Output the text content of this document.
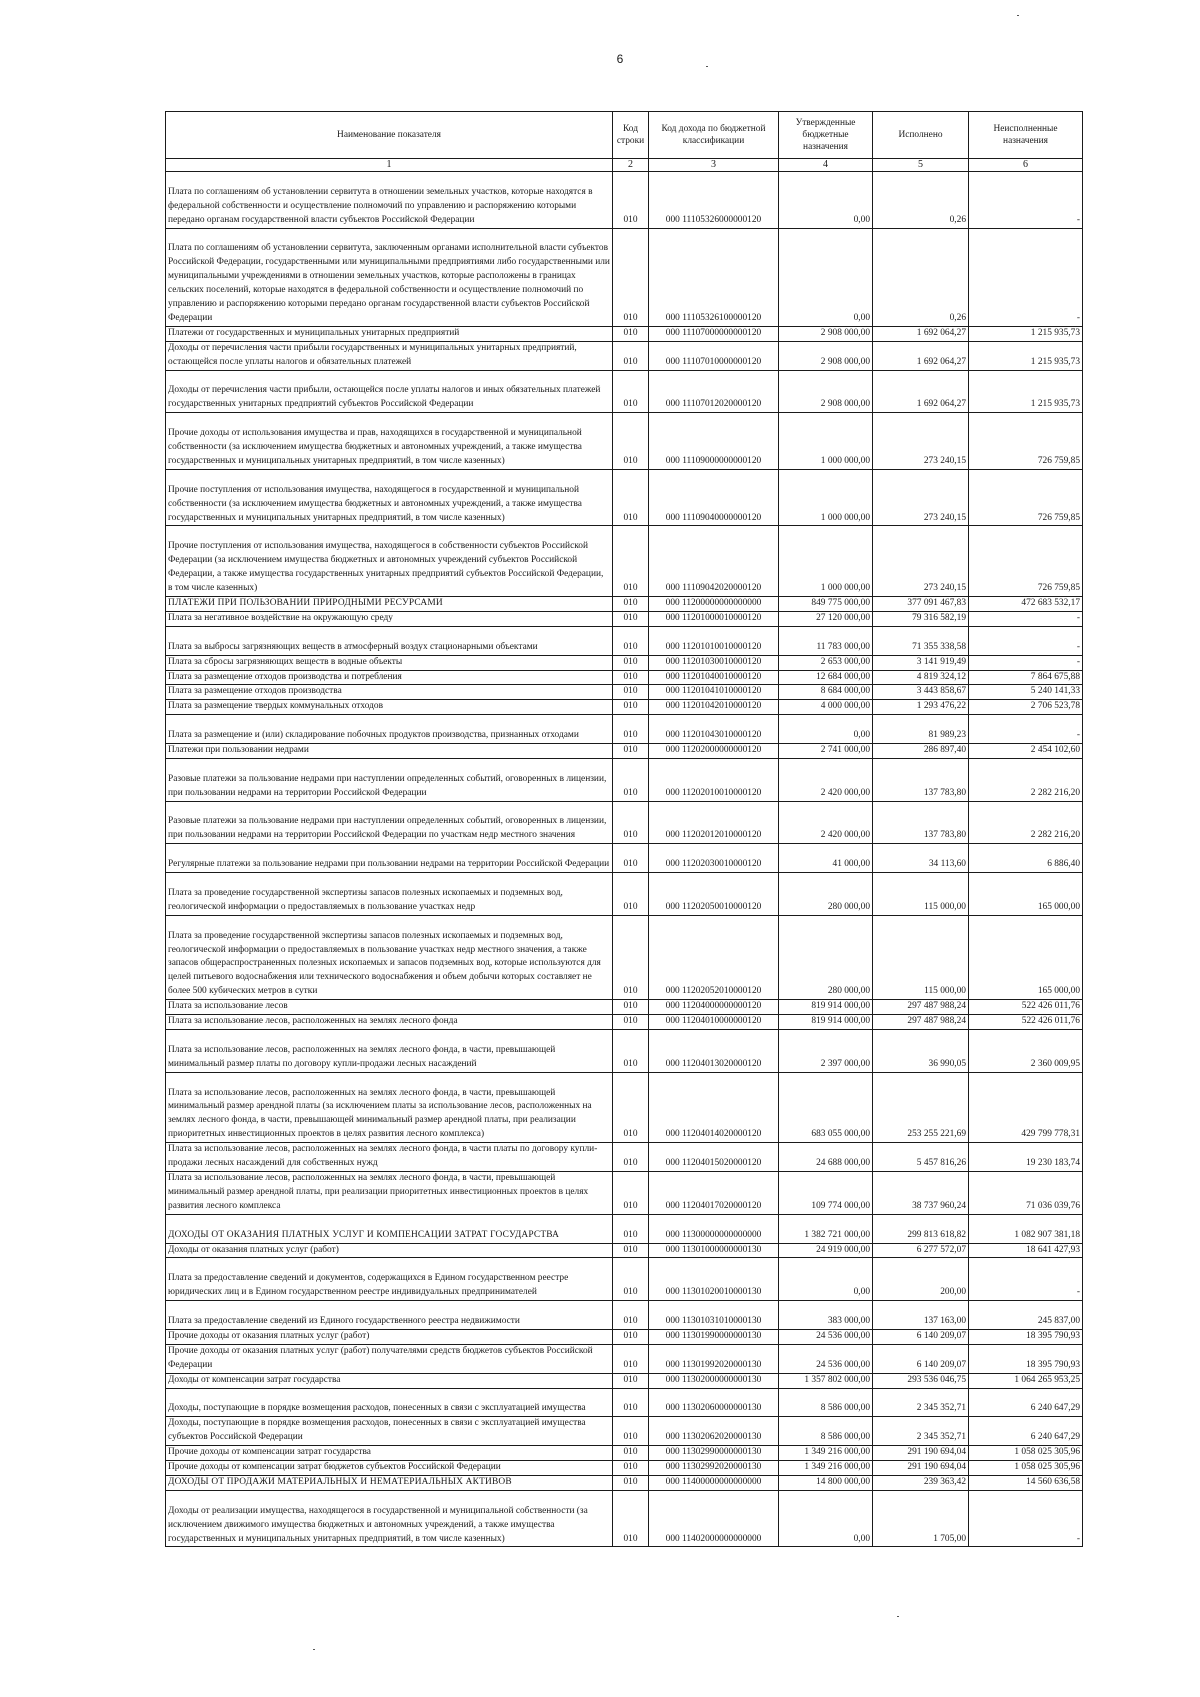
6
Наименование показателя	Код строки	Код дохода по бюджетной классификации	Утвержденные бюджетные назначения	Исполнено	Неисполненные назначения
1	2	3	4	5	6
Плата по соглашениям об установлении сервитута в отношении земельных участков, которые находятся в федеральной собственности и осуществление полномочий по управлению и распоряжению которыми передано органам государственной власти субъектов Российской Федерации	010	000 11105326000000120	0,00	0,26	-
Плата по соглашениям об установлении сервитута, заключенным органами исполнительной власти субъектов Российской Федерации, государственными или муниципальными предприятиями либо государственными или муниципальными учреждениями в отношении земельных участков, которые расположены в границах сельских поселений, которые находятся в федеральной собственности и осуществление полномочий по управлению и распоряжению которыми передано органам государственной власти субъектов Российской Федерации	010	000 11105326100000120	0,00	0,26	-
Платежи от государственных и муниципальных унитарных предприятий	010	000 11107000000000120	2 908 000,00	1 692 064,27	1 215 935,73
Доходы от перечисления части прибыли государственных и муниципальных унитарных предприятий, остающейся после уплаты налогов и обязательных платежей	010	000 11107010000000120	2 908 000,00	1 692 064,27	1 215 935,73
Доходы от перечисления части прибыли, остающейся после уплаты налогов и иных обязательных платежей государственных унитарных предприятий субъектов Российской Федерации	010	000 11107012020000120	2 908 000,00	1 692 064,27	1 215 935,73
Прочие доходы от использования имущества и прав, находящихся в государственной и муниципальной собственности (за исключением имущества бюджетных и автономных учреждений, а также имущества государственных и муниципальных унитарных предприятий, в том числе казенных)	010	000 11109000000000120	1 000 000,00	273 240,15	726 759,85
Прочие поступления от использования имущества, находящегося в государственной и муниципальной собственности (за исключением имущества бюджетных и автономных учреждений, а также имущества государственных и муниципальных унитарных предприятий, в том числе казенных)	010	000 11109040000000120	1 000 000,00	273 240,15	726 759,85
Прочие поступления от использования имущества, находящегося в собственности субъектов Российской Федерации (за исключением имущества бюджетных и автономных учреждений субъектов Российской Федерации, а также имущества государственных унитарных предприятий субъектов Российской Федерации, в том числе казенных)	010	000 11109042020000120	1 000 000,00	273 240,15	726 759,85
ПЛАТЕЖИ ПРИ ПОЛЬЗОВАНИИ ПРИРОДНЫМИ РЕСУРСАМИ	010	000 11200000000000000	849 775 000,00	377 091 467,83	472 683 532,17
Плата за негативное воздействие на окружающую среду	010	000 11201000010000120	27 120 000,00	79 316 582,19	-
Плата за выбросы загрязняющих веществ в атмосферный воздух стационарными объектами	010	000 11201010010000120	11 783 000,00	71 355 338,58	-
Плата за сбросы загрязняющих веществ в водные объекты	010	000 11201030010000120	2 653 000,00	3 141 919,49	-
Плата за размещение отходов производства и потребления	010	000 11201040010000120	12 684 000,00	4 819 324,12	7 864 675,88
Плата за размещение отходов производства	010	000 11201041010000120	8 684 000,00	3 443 858,67	5 240 141,33
Плата за размещение твердых коммунальных отходов	010	000 11201042010000120	4 000 000,00	1 293 476,22	2 706 523,78
Плата за размещение и (или) складирование побочных продуктов производства, признанных отходами	010	000 11201043010000120	0,00	81 989,23	-
Платежи при пользовании недрами	010	000 11202000000000120	2 741 000,00	286 897,40	2 454 102,60
Разовые платежи за пользование недрами при наступлении определенных событий, оговоренных в лицензии, при пользовании недрами на территории Российской Федерации	010	000 11202010010000120	2 420 000,00	137 783,80	2 282 216,20
Разовые платежи за пользование недрами при наступлении определенных событий, оговоренных в лицензии, при пользовании недрами на территории Российской Федерации по участкам недр местного значения	010	000 11202012010000120	2 420 000,00	137 783,80	2 282 216,20
Регулярные платежи за пользование недрами при пользовании недрами на территории Российской Федерации	010	000 11202030010000120	41 000,00	34 113,60	6 886,40
Плата за проведение государственной экспертизы запасов полезных ископаемых и подземных вод, геологической информации о предоставляемых в пользование участках недр	010	000 11202050010000120	280 000,00	115 000,00	165 000,00
Плата за проведение государственной экспертизы запасов полезных ископаемых и подземных вод, геологической информации о предоставляемых в пользование участках недр местного значения, а также запасов общераспространенных полезных ископаемых и запасов подземных вод, которые используются для целей питьевого водоснабжения или технического водоснабжения и объем добычи которых составляет не более 500 кубических метров в сутки	010	000 11202052010000120	280 000,00	115 000,00	165 000,00
Плата за использование лесов	010	000 11204000000000120	819 914 000,00	297 487 988,24	522 426 011,76
Плата за использование лесов, расположенных на землях лесного фонда	010	000 11204010000000120	819 914 000,00	297 487 988,24	522 426 011,76
Плата за использование лесов, расположенных на землях лесного фонда, в части, превышающей минимальный размер платы по договору купли-продажи лесных насаждений	010	000 11204013020000120	2 397 000,00	36 990,05	2 360 009,95
Плата за использование лесов, расположенных на землях лесного фонда, в части, превышающей минимальный размер арендной платы (за исключением платы за использование лесов, расположенных на землях лесного фонда, в части, превышающей минимальный размер арендной платы, при реализации приоритетных инвестиционных проектов в целях развития лесного комплекса)	010	000 11204014020000120	683 055 000,00	253 255 221,69	429 799 778,31
Плата за использование лесов, расположенных на землях лесного фонда, в части платы по договору купли-продажи лесных насаждений для собственных нужд	010	000 11204015020000120	24 688 000,00	5 457 816,26	19 230 183,74
Плата за использование лесов, расположенных на землях лесного фонда, в части, превышающей минимальный размер арендной платы, при реализации приоритетных инвестиционных проектов в целях развития лесного комплекса	010	000 11204017020000120	109 774 000,00	38 737 960,24	71 036 039,76
ДОХОДЫ ОТ ОКАЗАНИЯ ПЛАТНЫХ УСЛУГ И КОМПЕНСАЦИИ ЗАТРАТ ГОСУДАРСТВА	010	000 11300000000000000	1 382 721 000,00	299 813 618,82	1 082 907 381,18
Доходы от оказания платных услуг (работ)	010	000 11301000000000130	24 919 000,00	6 277 572,07	18 641 427,93
Плата за предоставление сведений и документов, содержащихся в Едином государственном реестре юридических лиц и в Едином государственном реестре индивидуальных предпринимателей	010	000 11301020010000130	0,00	200,00	-
Плата за предоставление сведений из Единого государственного реестра недвижимости	010	000 11301031010000130	383 000,00	137 163,00	245 837,00
Прочие доходы от оказания платных услуг (работ)	010	000 11301990000000130	24 536 000,00	6 140 209,07	18 395 790,93
Прочие доходы от оказания платных услуг (работ) получателями средств бюджетов субъектов Российской Федерации	010	000 11301992020000130	24 536 000,00	6 140 209,07	18 395 790,93
Доходы от компенсации затрат государства	010	000 11302000000000130	1 357 802 000,00	293 536 046,75	1 064 265 953,25
Доходы, поступающие в порядке возмещения расходов, понесенных в связи с эксплуатацией имущества	010	000 11302060000000130	8 586 000,00	2 345 352,71	6 240 647,29
Доходы, поступающие в порядке возмещения расходов, понесенных в связи с эксплуатацией имущества субъектов Российской Федерации	010	000 11302062020000130	8 586 000,00	2 345 352,71	6 240 647,29
Прочие доходы от компенсации затрат государства	010	000 11302990000000130	1 349 216 000,00	291 190 694,04	1 058 025 305,96
Прочие доходы от компенсации затрат бюджетов субъектов Российской Федерации	010	000 11302992020000130	1 349 216 000,00	291 190 694,04	1 058 025 305,96
ДОХОДЫ ОТ ПРОДАЖИ МАТЕРИАЛЬНЫХ И НЕМАТЕРИАЛЬНЫХ АКТИВОВ	010	000 11400000000000000	14 800 000,00	239 363,42	14 560 636,58
Доходы от реализации имущества, находящегося в государственной и муниципальной собственности (за исключением движимого имущества бюджетных и автономных учреждений, а также имущества государственных и муниципальных унитарных предприятий, в том числе казенных)	010	000 11402000000000000	0,00	1 705,00	-
